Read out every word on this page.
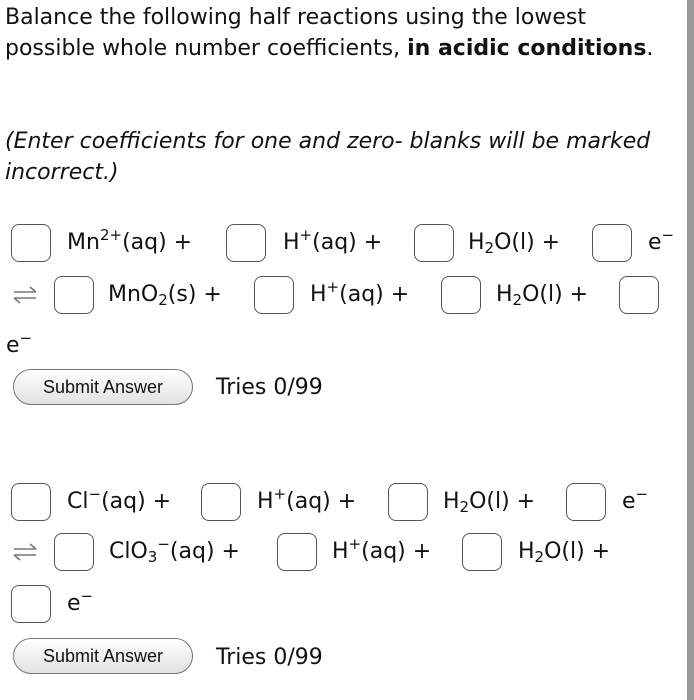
Balance the following half reactions using the lowest possible whole number coefficients, in acidic conditions.
(Enter coefficients for one and zero- blanks will be marked incorrect.)
$Mn^{2+}(aq)$ +	H+(aq) +	$H_2O(l)$ +	e−
MnO$_2$(s) +	H+(aq) +	$H_2O(l)$ +
e−
Submit Answer	Tries 0/99
Cl−(aq) +	H+(aq) +	$H_2O(l)$ +	e−
ClO$_3$−(aq) +	H+(aq) +	$H_2O(l)$ +
e−
Submit Answer	Tries 0/99
